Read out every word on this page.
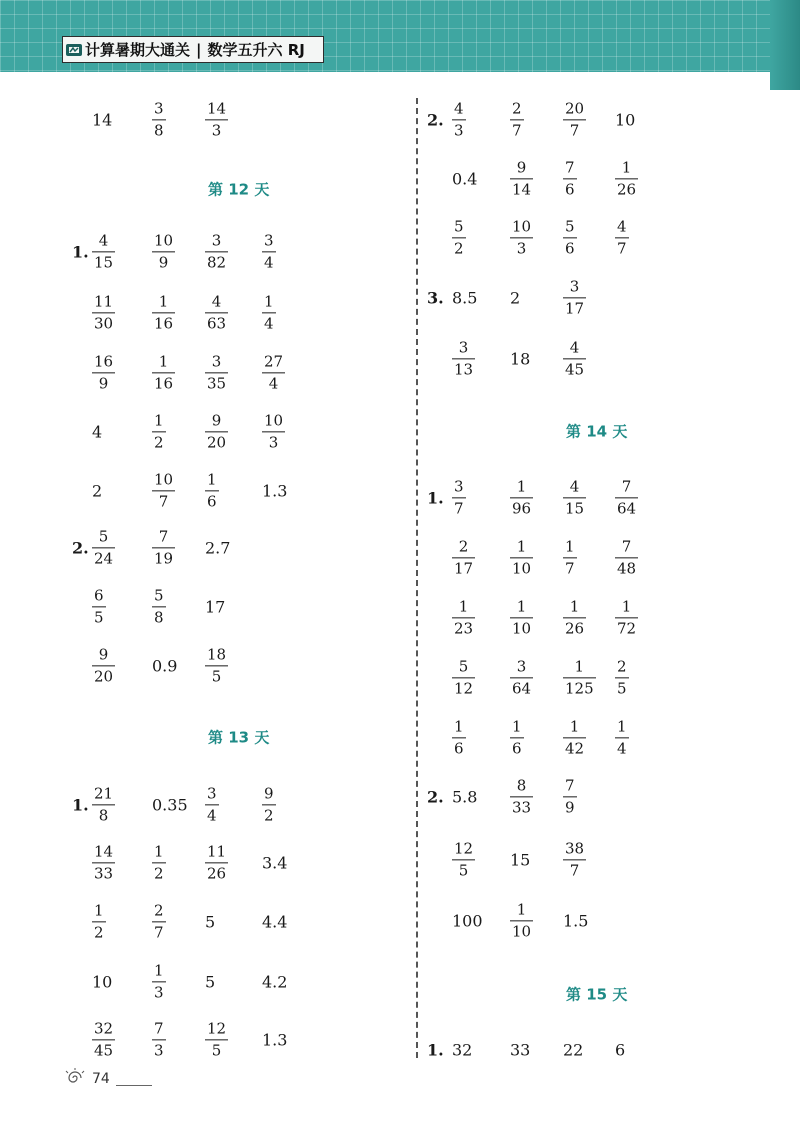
计算暑期大通关 | 数学五升六 RJ
第 12 天
第 13 天
第 14 天
第 15 天
14
3
8
14
3
1.
4
15
10
9
3
82
3
4
11
30
1
16
4
63
1
4
16
9
1
16
3
35
27
4
4
1
2
9
20
10
3
2
10
7
1
6
1.3
2.
5
24
7
19
2.7
6
5
5
8
17
9
20
0.9
18
5
1.
21
8
0.35
3
4
9
2
14
33
1
2
11
26
3.4
1
2
2
7
5	4.4
10
1
3
5	4.2
32
45
7
3
12
5
1.3
2.
4
3
2
7
20
7
10
0.4
9
14
7
6
1
26
5
2
10
3
5
6
4
7
3. 8.5 2
3
17
3
13
18
4
45
1.
3
7
1
96
4
15
7
64
2
17
1
10
1
7
7
48
1
23
1
10
1
26
1
72
5
12
3
64
1
125
2
5
1
6
1
6
1
42
1
4
2. 5.8
8
33
7
9
12
5
15
38
7
100
1
10
1.5
1. 32 33 22 6
74
